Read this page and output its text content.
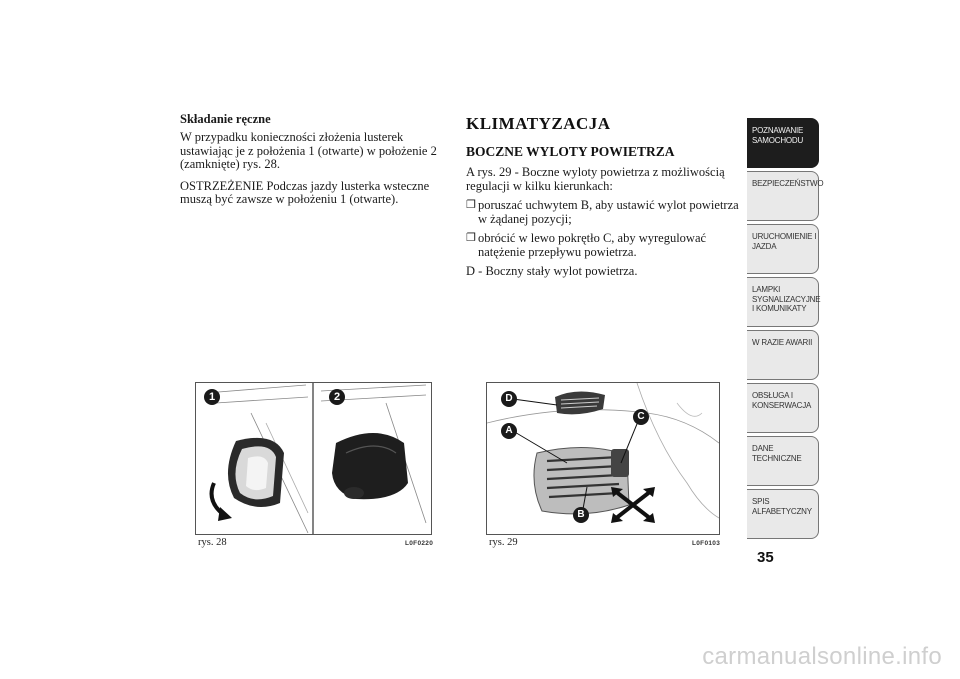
Składanie ręczne
W przypadku konieczności złożenia lusterek ustawiając je z położenia 1 (otwarte) w położenie 2 (zamknięte) rys. 28.
OSTRZEŻENIE Podczas jazdy lusterka wsteczne muszą być zawsze w położeniu 1 (otwarte).
KLIMATYZACJA
BOCZNE WYLOTY POWIETRZA
A rys. 29 - Boczne wyloty powietrza z możliwością regulacji w kilku kierunkach:
❐ poruszać uchwytem B, aby ustawić wylot powietrza w żądanej pozycji;
❐ obrócić w lewo pokrętło C, aby wyregulować natężenie przepływu powietrza.
D - Boczny stały wylot powietrza.
1	2
rys. 28	L0F0220
D
A
C
B
rys. 29	L0F0103
POZNAWANIE
SAMOCHODU
BEZPIECZEŃSTWO
URUCHOMIENIE I
JAZDA
LAMPKI
SYGNALIZACYJNE
I KOMUNIKATY
W RAZIE AWARII
OBSŁUGA I
KONSERWACJA
DANE
TECHNICZNE
SPIS
ALFABETYCZNY
35
carmanualsonline.info
